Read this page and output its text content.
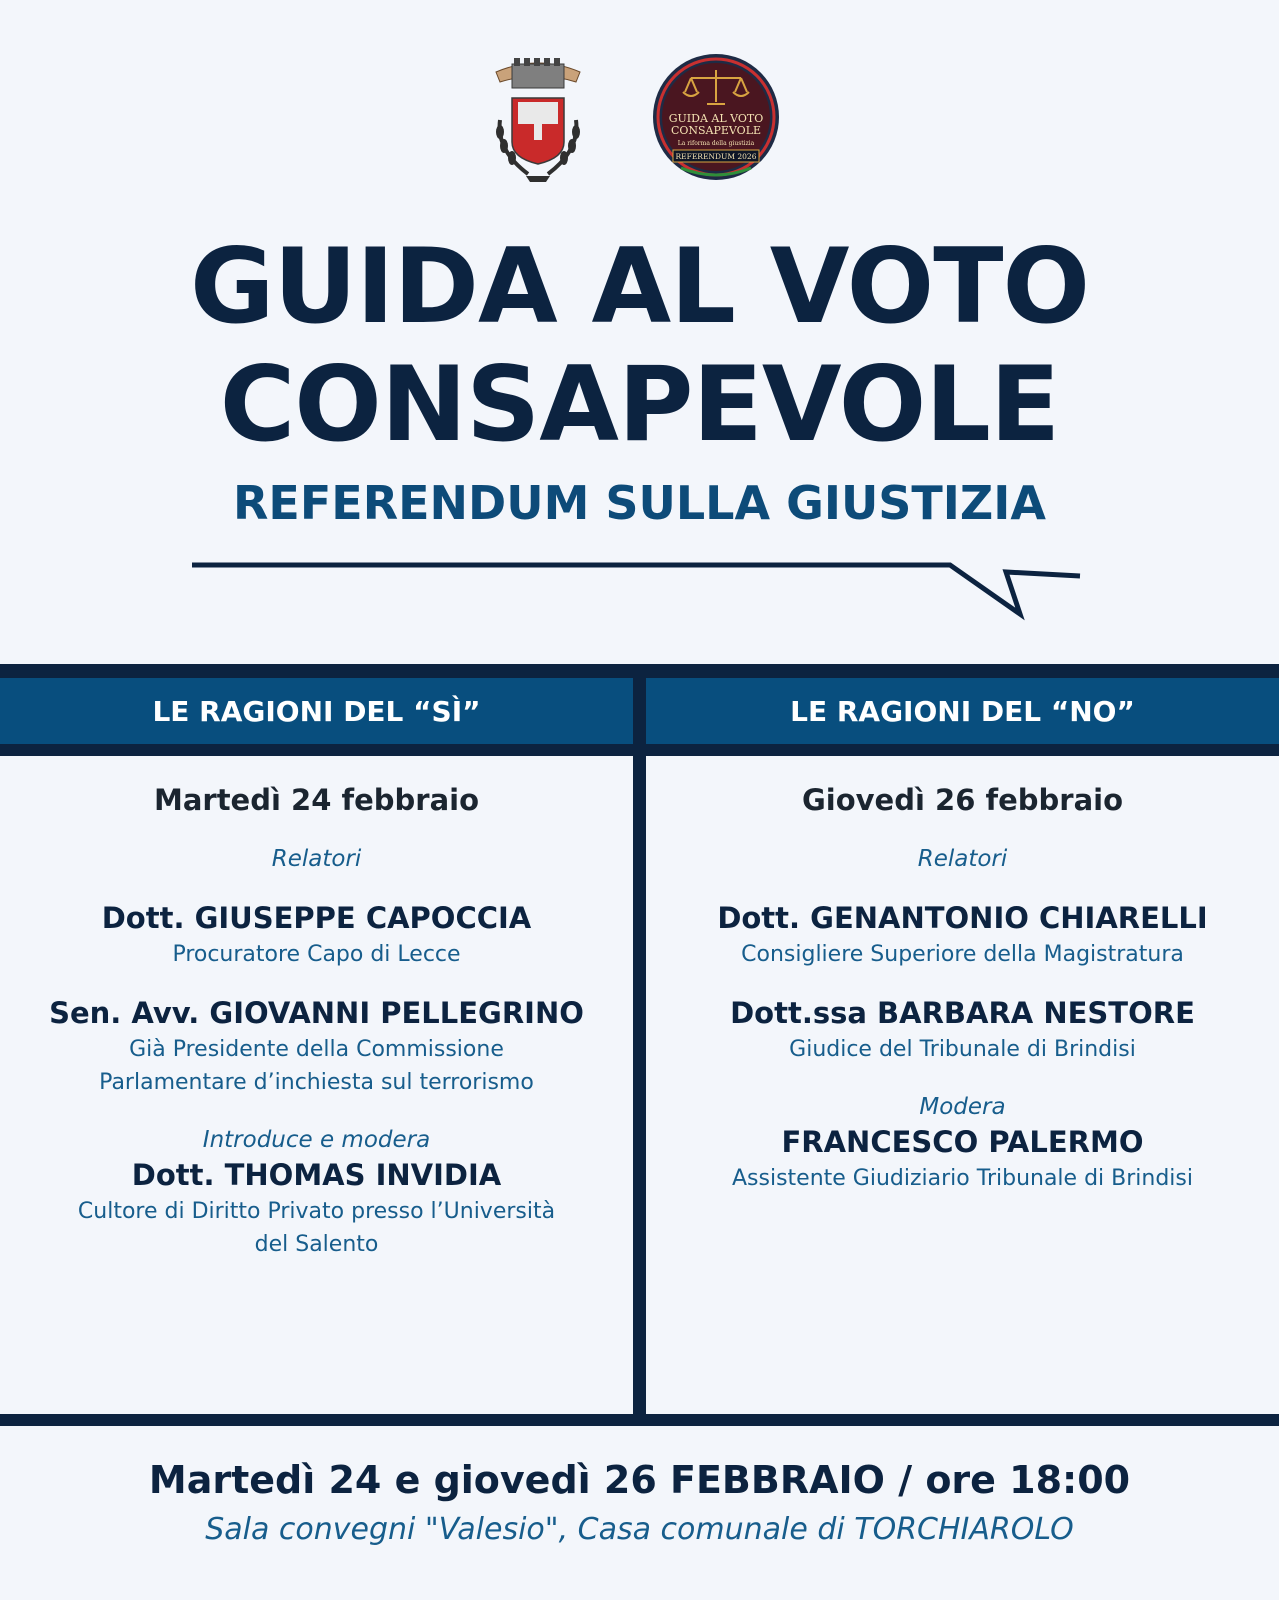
GUIDA AL VOTO
CONSAPEVOLE
La riforma della giustizia
REFERENDUM 2026
GUIDA AL VOTO
CONSAPEVOLE
REFERENDUM SULLA GIUSTIZIA
LE RAGIONI DEL “SÌ”	LE RAGIONI DEL “NO”
Martedì 24 febbraio
Relatori
Dott. GIUSEPPE CAPOCCIA
Procuratore Capo di Lecce
Sen. Avv. GIOVANNI PELLEGRINO
Già Presidente della Commissione
Parlamentare d’inchiesta sul terrorismo
Introduce e modera
Dott. THOMAS INVIDIA
Cultore di Diritto Privato presso l’Università
del Salento
Giovedì 26 febbraio
Relatori
Dott. GENANTONIO CHIARELLI
Consigliere Superiore della Magistratura
Dott.ssa BARBARA NESTORE
Giudice del Tribunale di Brindisi
Modera
FRANCESCO PALERMO
Assistente Giudiziario Tribunale di Brindisi
Martedì 24 e giovedì 26 FEBBRAIO / ore 18:00
Sala convegni "Valesio", Casa comunale di TORCHIAROLO
